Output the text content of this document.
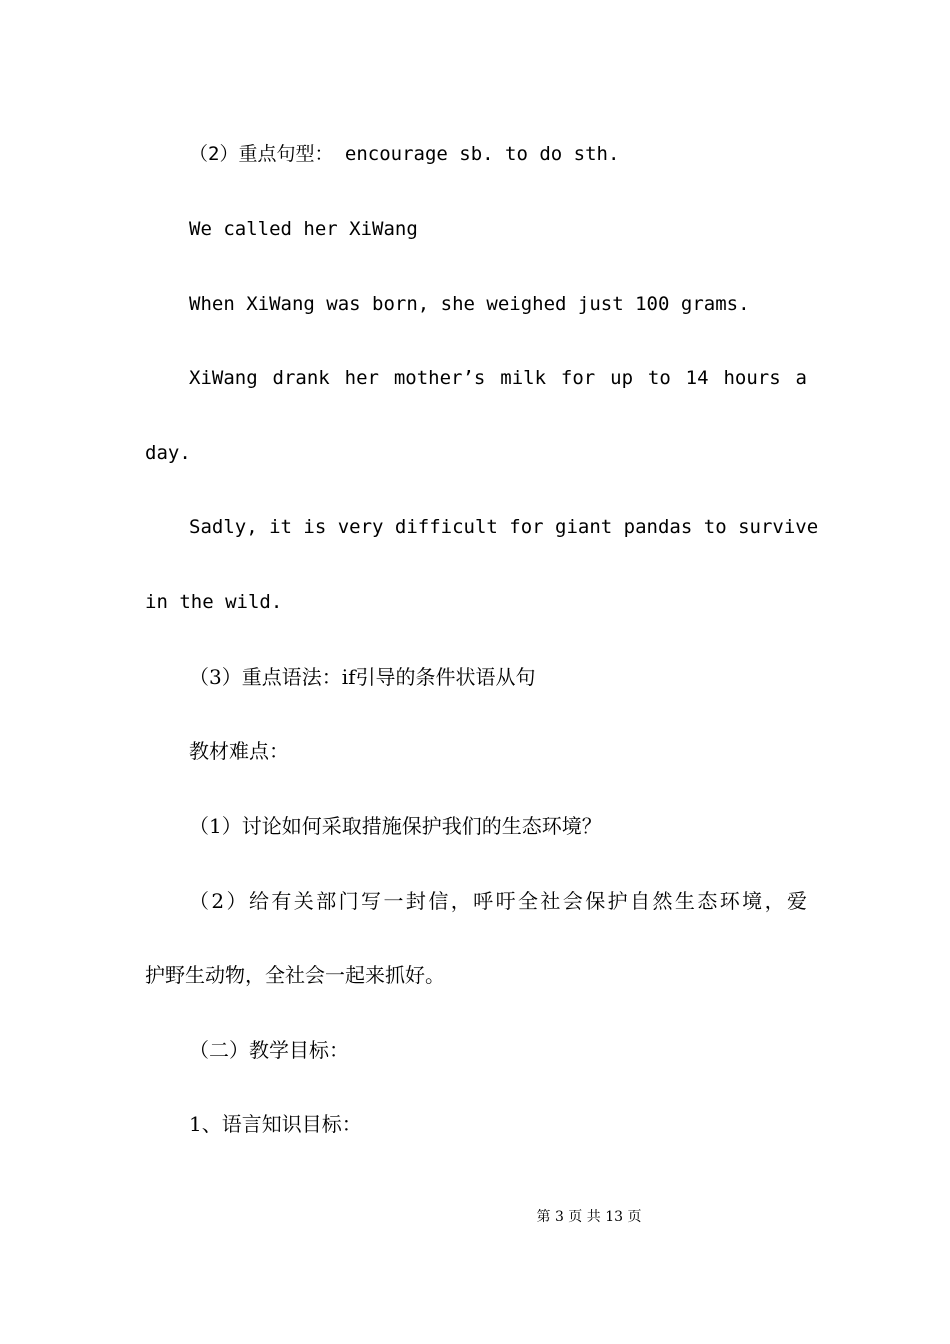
（2）重点句型： encourage sb. to do sth.
We called her XiWang
When XiWang was born, she weighed just 100 grams.
XiWang drank her mother’s milk for up to 14 hours a
day.
Sadly, it is very difficult for giant pandas to survive
in the wild.
（3）重点语法：if引导的条件状语从句
教材难点：
（1）讨论如何采取措施保护我们的生态环境？
（2）给有关部门写一封信，呼吁全社会保护自然生态环境，爱
护野生动物，全社会一起来抓好。
（二）教学目标：
1、语言知识目标：
第 3 页 共 13 页
